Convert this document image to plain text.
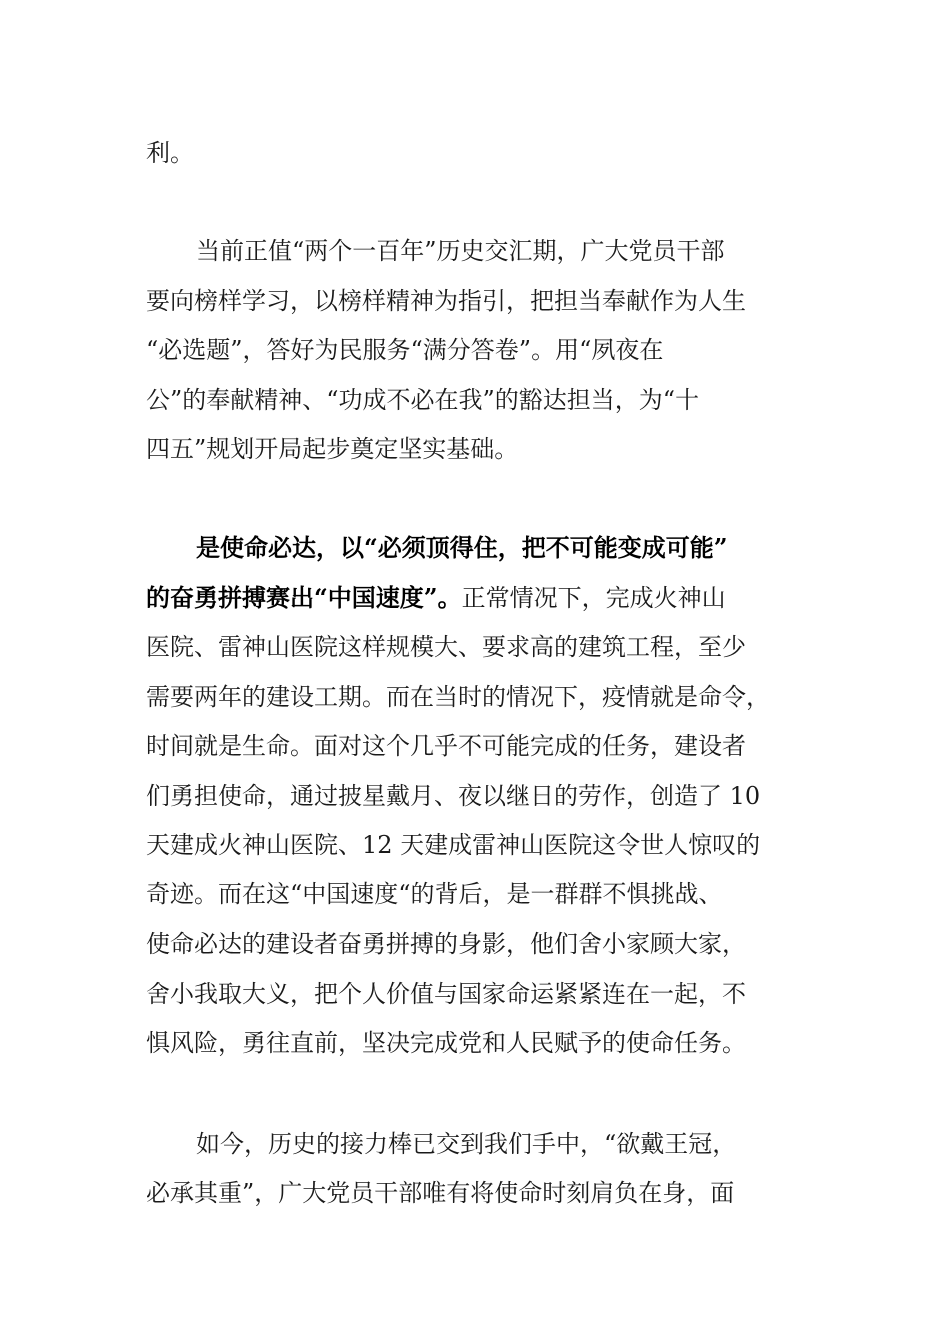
利。
当前正值“两个一百年”历史交汇期，广大党员干部
要向榜样学习，以榜样精神为指引，把担当奉献作为人生
“必选题”，答好为民服务“满分答卷”。用“夙夜在
公”的奉献精神、“功成不必在我”的豁达担当，为“十
四五”规划开局起步奠定坚实基础。
是使命必达，以“必须顶得住，把不可能变成可能”
的奋勇拼搏赛出“中国速度”。正常情况下，完成火神山
医院、雷神山医院这样规模大、要求高的建筑工程，至少
需要两年的建设工期。而在当时的情况下，疫情就是命令，
时间就是生命。面对这个几乎不可能完成的任务，建设者
们勇担使命，通过披星戴月、夜以继日的劳作，创造了 10
天建成火神山医院、12 天建成雷神山医院这令世人惊叹的
奇迹。而在这“中国速度“的背后，是一群群不惧挑战、
使命必达的建设者奋勇拼搏的身影，他们舍小家顾大家，
舍小我取大义，把个人价值与国家命运紧紧连在一起，不
惧风险，勇往直前，坚决完成党和人民赋予的使命任务。
如今，历史的接力棒已交到我们手中，“欲戴王冠，
必承其重”，广大党员干部唯有将使命时刻肩负在身，面
